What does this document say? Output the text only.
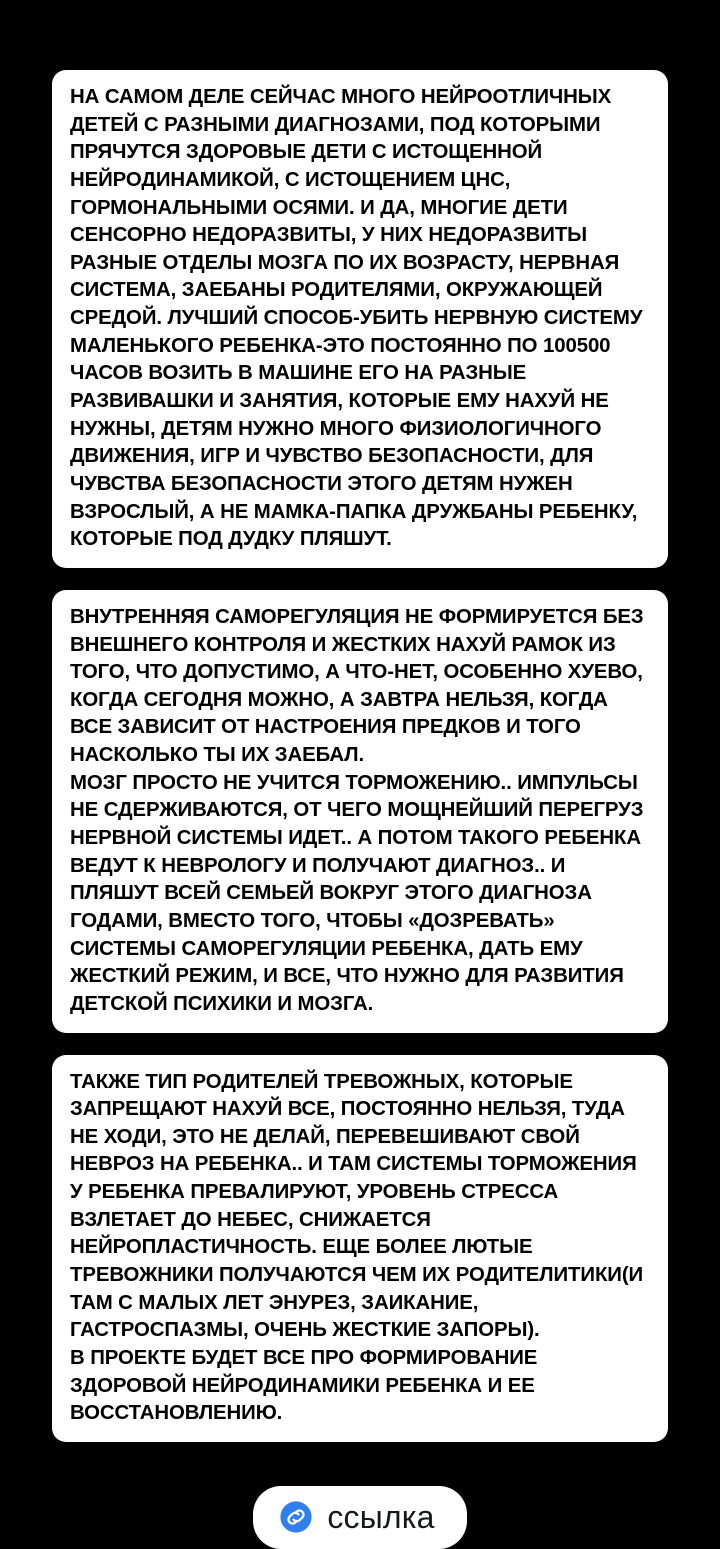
НА САМОМ ДЕЛЕ СЕЙЧАС МНОГО НЕЙРООТЛИЧНЫХ ДЕТЕЙ С РАЗНЫМИ ДИАГНОЗАМИ, ПОД КОТОРЫМИ ПРЯЧУТСЯ ЗДОРОВЫЕ ДЕТИ С ИСТОЩЕННОЙ НЕЙРОДИНАМИКОЙ, С ИСТОЩЕНИЕМ ЦНС, ГОРМОНАЛЬНЫМИ ОСЯМИ. И ДА, МНОГИЕ ДЕТИ СЕНСОРНО НЕДОРАЗВИТЫ, У НИХ НЕДОРАЗВИТЫ РАЗНЫЕ ОТДЕЛЫ МОЗГА ПО ИХ ВОЗРАСТУ, НЕРВНАЯ СИСТЕМА, ЗАЕБАНЫ РОДИТЕЛЯМИ, ОКРУЖАЮЩЕЙ СРЕДОЙ. ЛУЧШИЙ СПОСОБ-УБИТЬ НЕРВНУЮ СИСТЕМУ МАЛЕНЬКОГО РЕБЕНКА-ЭТО ПОСТОЯННО ПО 100500 ЧАСОВ ВОЗИТЬ В МАШИНЕ ЕГО НА РАЗНЫЕ РАЗВИВАШКИ И ЗАНЯТИЯ, КОТОРЫЕ ЕМУ НАХУЙ НЕ НУЖНЫ, ДЕТЯМ НУЖНО МНОГО ФИЗИОЛОГИЧНОГО ДВИЖЕНИЯ, ИГР И ЧУВСТВО БЕЗОПАСНОСТИ, ДЛЯ ЧУВСТВА БЕЗОПАСНОСТИ ЭТОГО ДЕТЯМ НУЖЕН ВЗРОСЛЫЙ, А НЕ МАМКА-ПАПКА ДРУЖБАНЫ РЕБЕНКУ, КОТОРЫЕ ПОД ДУДКУ ПЛЯШУТ.

ВНУТРЕННЯЯ САМОРЕГУЛЯЦИЯ НЕ ФОРМИРУЕТСЯ БЕЗ ВНЕШНЕГО КОНТРОЛЯ И ЖЕСТКИХ НАХУЙ РАМОК ИЗ ТОГО, ЧТО ДОПУСТИМО, А ЧТО-НЕТ, ОСОБЕННО ХУЕВО, КОГДА СЕГОДНЯ МОЖНО, А ЗАВТРА НЕЛЬЗЯ, КОГДА ВСЕ ЗАВИСИТ ОТ НАСТРОЕНИЯ ПРЕДКОВ И ТОГО НАСКОЛЬКО ТЫ ИХ ЗАЕБАЛ.

МОЗГ ПРОСТО НЕ УЧИТСЯ ТОРМОЖЕНИЮ.. ИМПУЛЬСЫ НЕ СДЕРЖИВАЮТСЯ, ОТ ЧЕГО МОЩНЕЙШИЙ ПЕРЕГРУЗ НЕРВНОЙ СИСТЕМЫ ИДЕТ.. А ПОТОМ ТАКОГО РЕБЕНКА ВЕДУТ К НЕВРОЛОГУ И ПОЛУЧАЮТ ДИАГНОЗ.. И ПЛЯШУТ ВСЕЙ СЕМЬЕЙ ВОКРУГ ЭТОГО ДИАГНОЗА ГОДАМИ, ВМЕСТО ТОГО, ЧТОБЫ «ДОЗРЕВАТЬ» СИСТЕМЫ САМОРЕГУЛЯЦИИ РЕБЕНКА, ДАТЬ ЕМУ ЖЕСТКИЙ РЕЖИМ, И ВСЕ, ЧТО НУЖНО ДЛЯ РАЗВИТИЯ ДЕТСКОЙ ПСИХИКИ И МОЗГА.

ТАКЖЕ ТИП РОДИТЕЛЕЙ ТРЕВОЖНЫХ, КОТОРЫЕ ЗАПРЕЩАЮТ НАХУЙ ВСЕ, ПОСТОЯННО НЕЛЬЗЯ, ТУДА НЕ ХОДИ, ЭТО НЕ ДЕЛАЙ, ПЕРЕВЕШИВАЮТ СВОЙ НЕВРОЗ НА РЕБЕНКА.. И ТАМ СИСТЕМЫ ТОРМОЖЕНИЯ У РЕБЕНКА ПРЕВАЛИРУЮТ, УРОВЕНЬ СТРЕССА ВЗЛЕТАЕТ ДО НЕБЕС, СНИЖАЕТСЯ НЕЙРОПЛАСТИЧНОСТЬ. ЕЩЕ БОЛЕЕ ЛЮТЫЕ ТРЕВОЖНИКИ ПОЛУЧАЮТСЯ ЧЕМ ИХ РОДИТЕЛИТИКИ(И ТАМ С МАЛЫХ ЛЕТ ЭНУРЕЗ, ЗАИКАНИЕ, ГАСТРОСПАЗМЫ, ОЧЕНЬ ЖЕСТКИЕ ЗАПОРЫ).

В ПРОЕКТЕ БУДЕТ ВСЕ ПРО ФОРМИРОВАНИЕ ЗДОРОВОЙ НЕЙРОДИНАМИКИ РЕБЕНКА И ЕЕ ВОССТАНОВЛЕНИЮ.

ссылка
